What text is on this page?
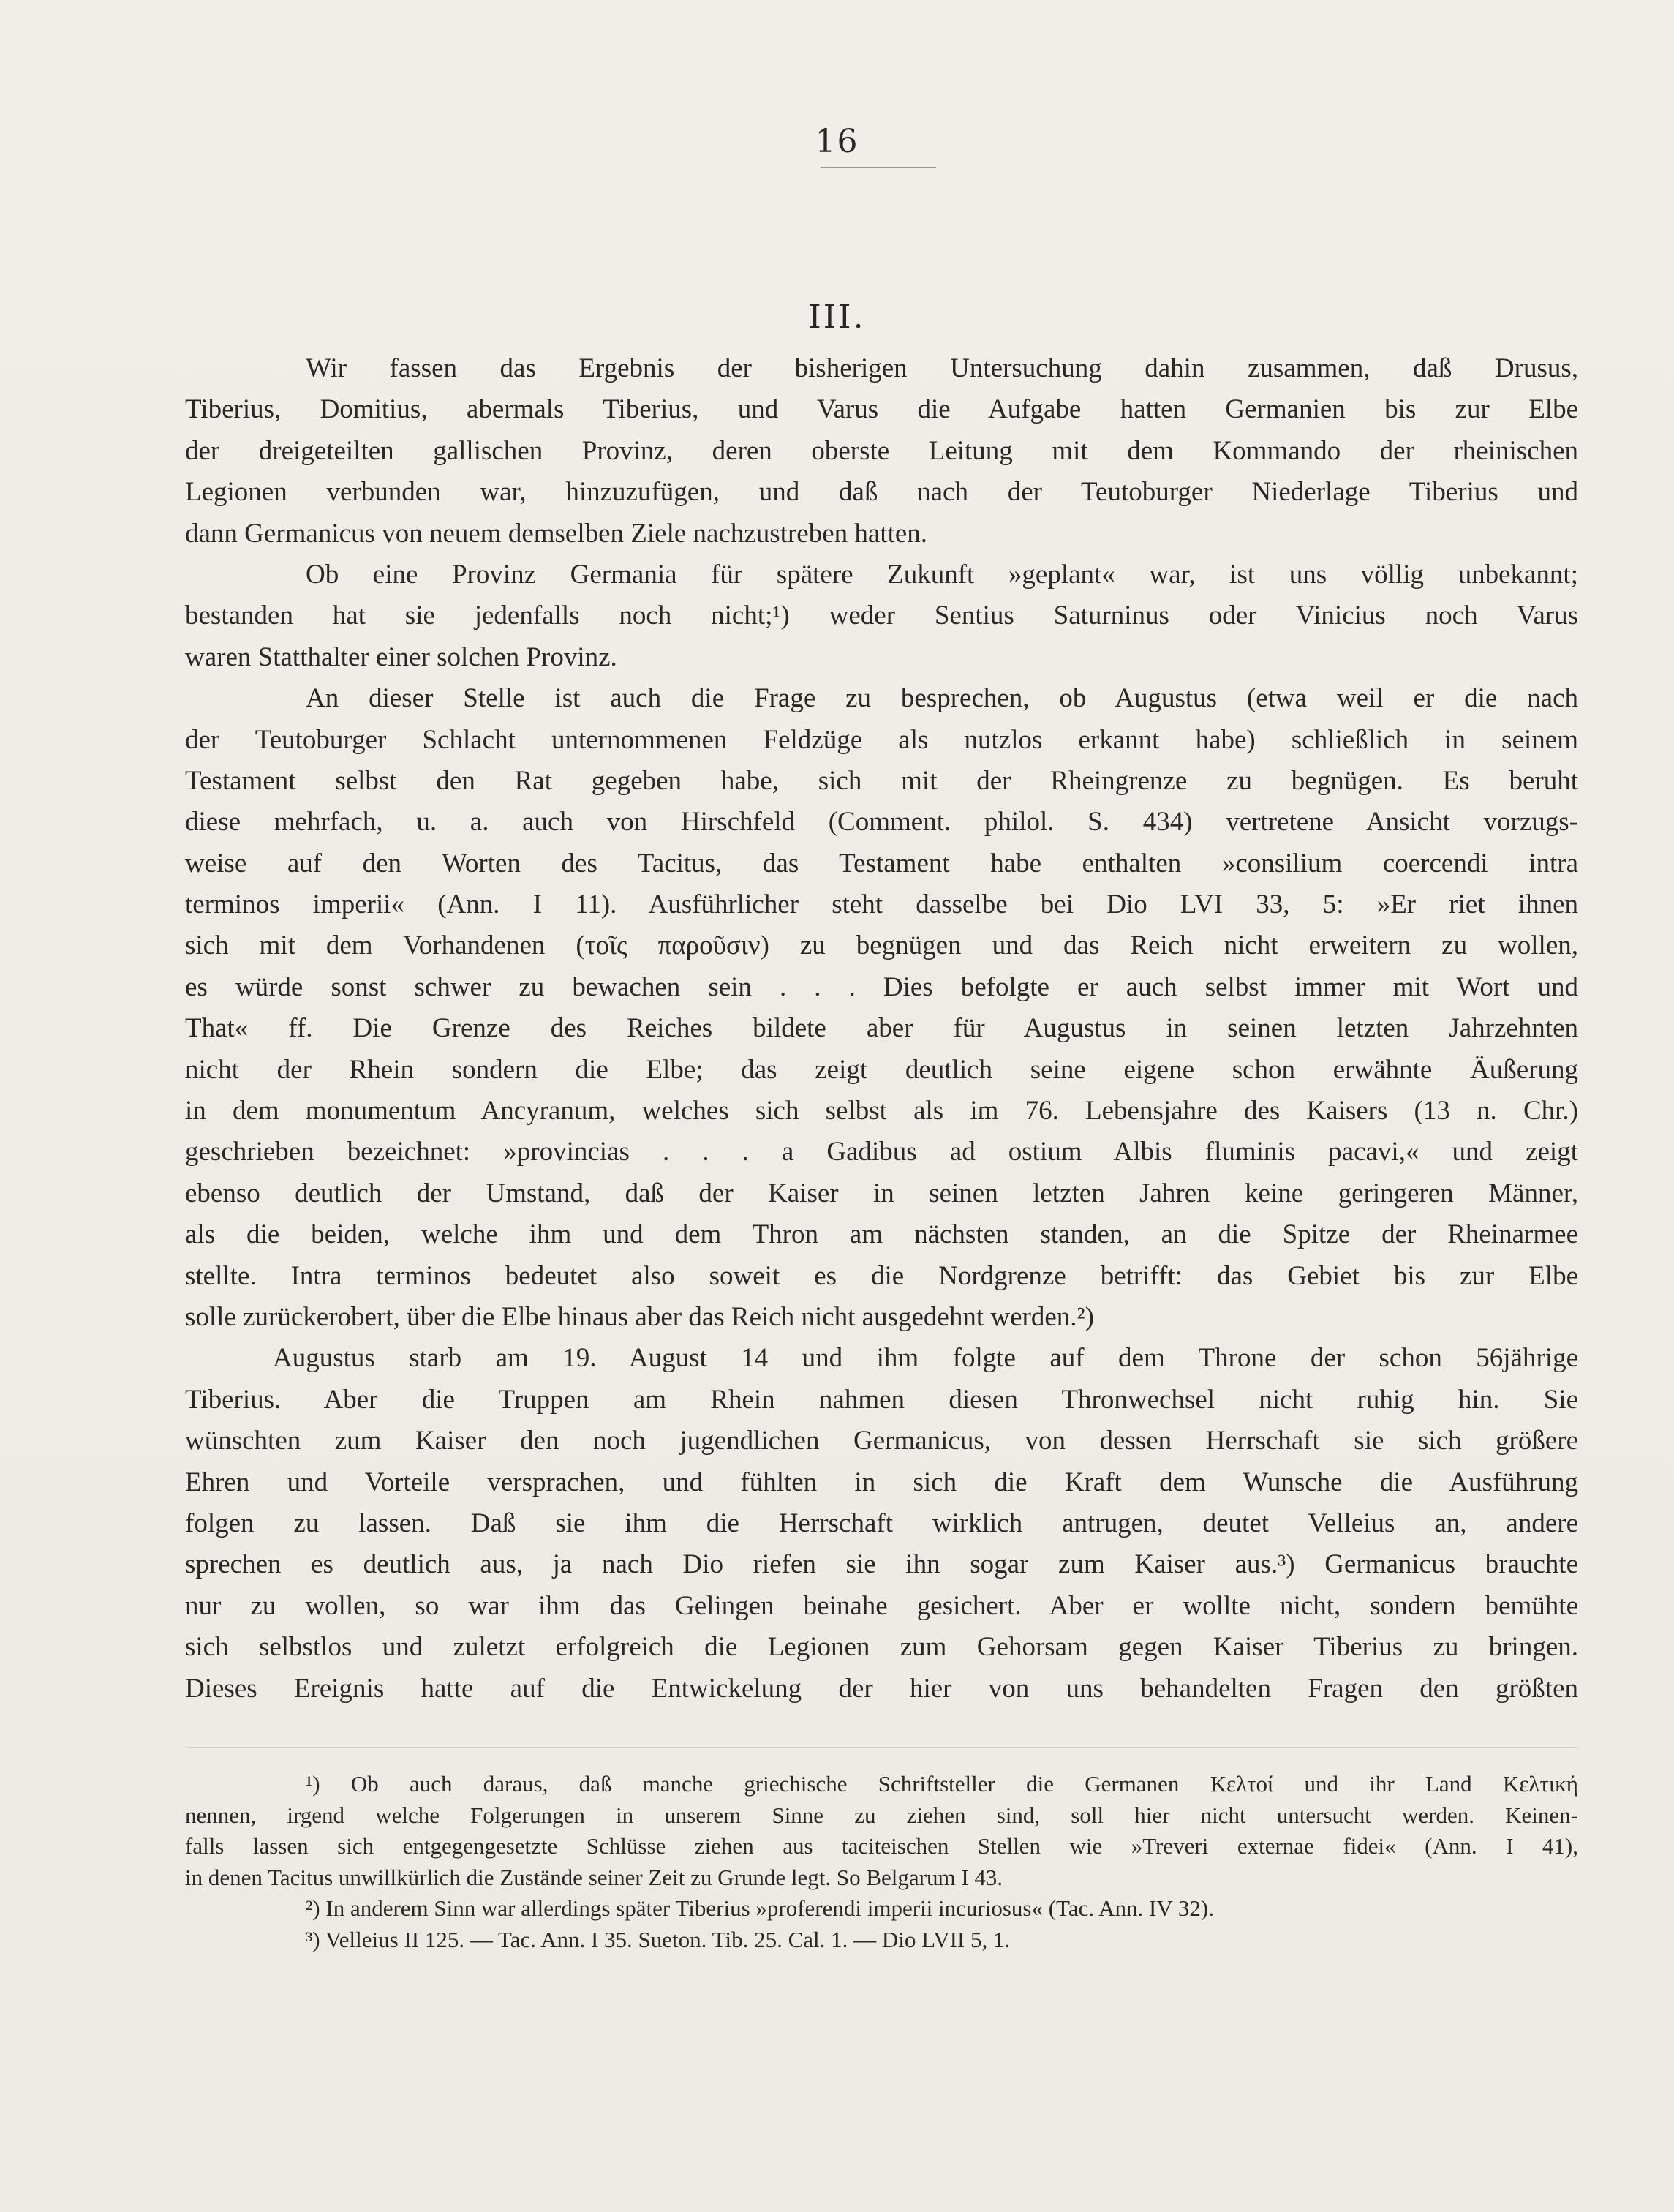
16
III.
Wir fassen das Ergebnis der bisherigen Untersuchung dahin zusammen, daß Drusus,
Tiberius, Domitius, abermals Tiberius, und Varus die Aufgabe hatten Germanien bis zur Elbe
der dreigeteilten gallischen Provinz, deren oberste Leitung mit dem Kommando der rheinischen
Legionen verbunden war, hinzuzufügen, und daß nach der Teutoburger Niederlage Tiberius und
dann Germanicus von neuem demselben Ziele nachzustreben hatten.
Ob eine Provinz Germania für spätere Zukunft »geplant« war, ist uns völlig unbekannt;
bestanden hat sie jedenfalls noch nicht;¹) weder Sentius Saturninus oder Vinicius noch Varus
waren Statthalter einer solchen Provinz.
An dieser Stelle ist auch die Frage zu besprechen, ob Augustus (etwa weil er die nach
der Teutoburger Schlacht unternommenen Feldzüge als nutzlos erkannt habe) schließlich in seinem
Testament selbst den Rat gegeben habe, sich mit der Rheingrenze zu begnügen. Es beruht
diese mehrfach, u. a. auch von Hirschfeld (Comment. philol. S. 434) vertretene Ansicht vorzugs-
weise auf den Worten des Tacitus, das Testament habe enthalten »consilium coercendi intra
terminos imperii« (Ann. I 11). Ausführlicher steht dasselbe bei Dio LVI 33, 5: »Er riet ihnen
sich mit dem Vorhandenen (τοῖς παροῦσιν) zu begnügen und das Reich nicht erweitern zu wollen,
es würde sonst schwer zu bewachen sein . . . Dies befolgte er auch selbst immer mit Wort und
That« ff. Die Grenze des Reiches bildete aber für Augustus in seinen letzten Jahrzehnten
nicht der Rhein sondern die Elbe; das zeigt deutlich seine eigene schon erwähnte Äußerung
in dem monumentum Ancyranum, welches sich selbst als im 76. Lebensjahre des Kaisers (13 n. Chr.)
geschrieben bezeichnet: »provincias . . . a Gadibus ad ostium Albis fluminis pacavi,« und zeigt
ebenso deutlich der Umstand, daß der Kaiser in seinen letzten Jahren keine geringeren Männer,
als die beiden, welche ihm und dem Thron am nächsten standen, an die Spitze der Rheinarmee
stellte. Intra terminos bedeutet also soweit es die Nordgrenze betrifft: das Gebiet bis zur Elbe
solle zurückerobert, über die Elbe hinaus aber das Reich nicht ausgedehnt werden.²)
Augustus starb am 19. August 14 und ihm folgte auf dem Throne der schon 56jährige
Tiberius. Aber die Truppen am Rhein nahmen diesen Thronwechsel nicht ruhig hin. Sie
wünschten zum Kaiser den noch jugendlichen Germanicus, von dessen Herrschaft sie sich größere
Ehren und Vorteile versprachen, und fühlten in sich die Kraft dem Wunsche die Ausführung
folgen zu lassen. Daß sie ihm die Herrschaft wirklich antrugen, deutet Velleius an, andere
sprechen es deutlich aus, ja nach Dio riefen sie ihn sogar zum Kaiser aus.³) Germanicus brauchte
nur zu wollen, so war ihm das Gelingen beinahe gesichert. Aber er wollte nicht, sondern bemühte
sich selbstlos und zuletzt erfolgreich die Legionen zum Gehorsam gegen Kaiser Tiberius zu bringen.
Dieses Ereignis hatte auf die Entwickelung der hier von uns behandelten Fragen den größten
¹) Ob auch daraus, daß manche griechische Schriftsteller die Germanen Κελτοί und ihr Land Κελτική
nennen, irgend welche Folgerungen in unserem Sinne zu ziehen sind, soll hier nicht untersucht werden. Keinen-
falls lassen sich entgegengesetzte Schlüsse ziehen aus taciteischen Stellen wie »Treveri externae fidei« (Ann. I 41),
in denen Tacitus unwillkürlich die Zustände seiner Zeit zu Grunde legt. So Belgarum I 43.
²) In anderem Sinn war allerdings später Tiberius »proferendi imperii incuriosus« (Tac. Ann. IV 32).
³) Velleius II 125. — Tac. Ann. I 35. Sueton. Tib. 25. Cal. 1. — Dio LVII 5, 1.
